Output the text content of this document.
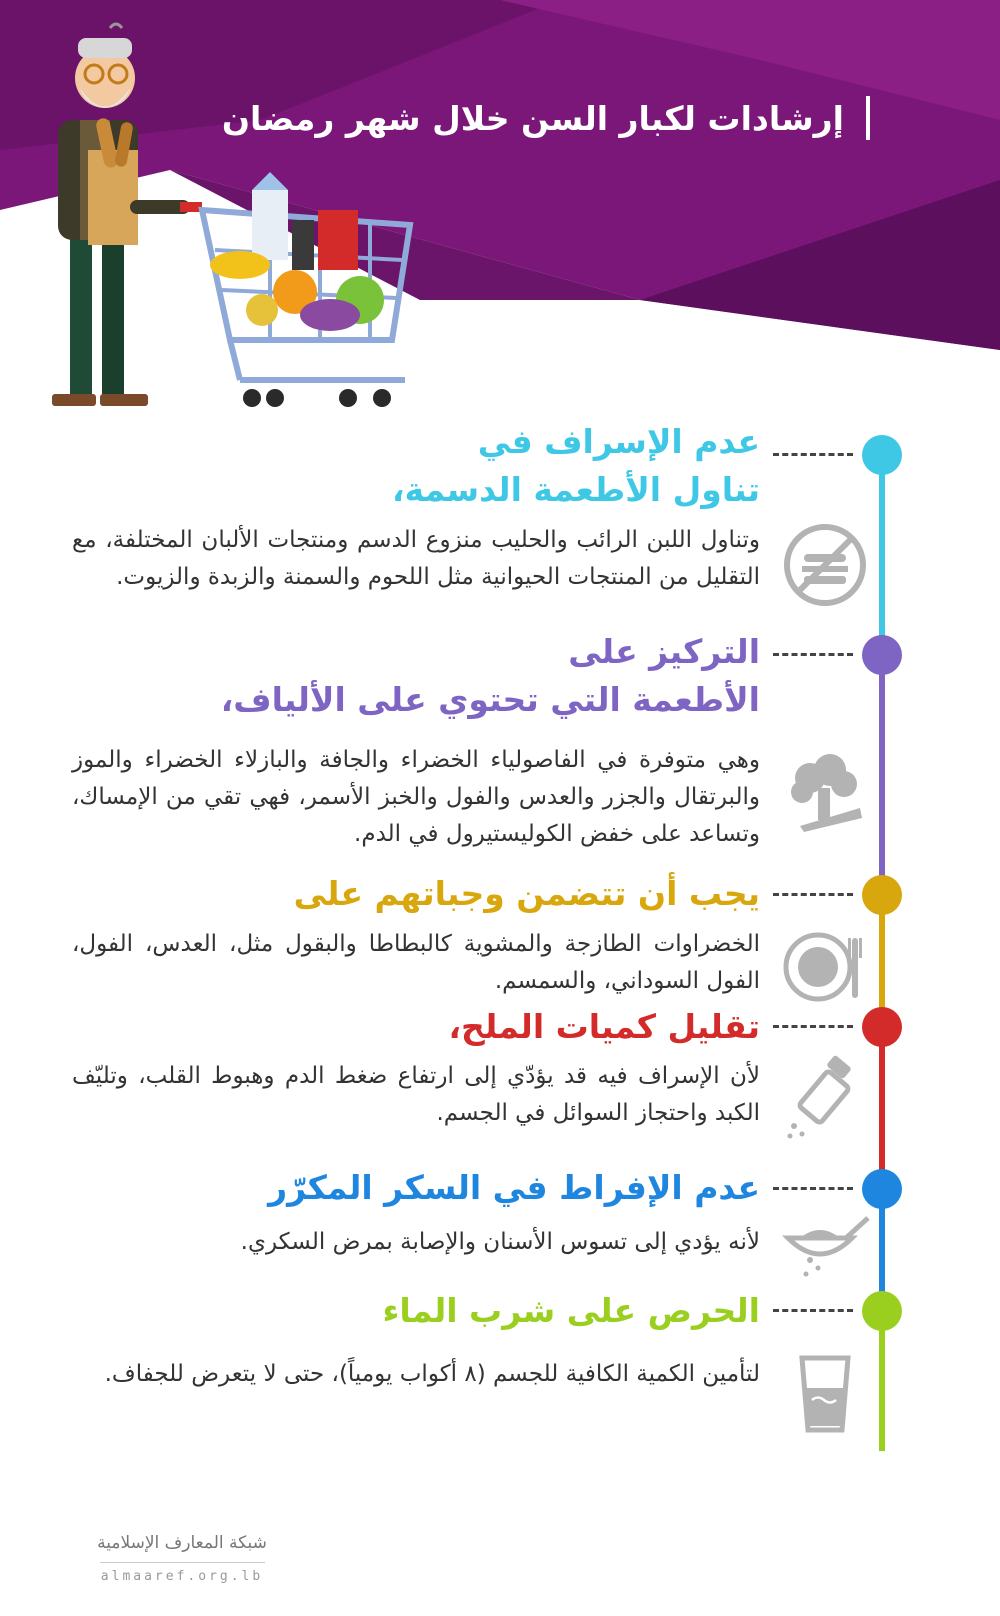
إرشادات لكبار السن خلال شهر رمضان
عدم الإسراف في
تناول الأطعمة الدسمة،
وتناول اللبن الرائب والحليب منزوع الدسم ومنتجات الألبان المختلفة، مع التقليل من المنتجات الحيوانية مثل اللحوم والسمنة والزبدة والزيوت.
التركيز على
الأطعمة التي تحتوي على الألياف،
وهي متوفرة في الفاصولياء الخضراء والجافة والبازلاء الخضراء والموز والبرتقال والجزر والعدس والفول والخبز الأسمر، فهي تقي من الإمساك، وتساعد على خفض الكوليستيرول في الدم.
يجب أن تتضمن وجباتهم على
الخضراوات الطازجة والمشوية كالبطاطا والبقول مثل، العدس، الفول، الفول السوداني، والسمسم.
تقليل كميات الملح،
لأن الإسراف فيه قد يؤدّي إلى ارتفاع ضغط الدم وهبوط القلب، وتليّف الكبد واحتجاز السوائل في الجسم.
عدم الإفراط في السكر المكرّر
لأنه يؤدي إلى تسوس الأسنان والإصابة بمرض السكري.
الحرص على شرب الماء
لتأمين الكمية الكافية للجسم (٨ أكواب يومياً)، حتى لا يتعرض للجفاف.
شبكة المعارف الإسلامية
almaaref.org.lb
